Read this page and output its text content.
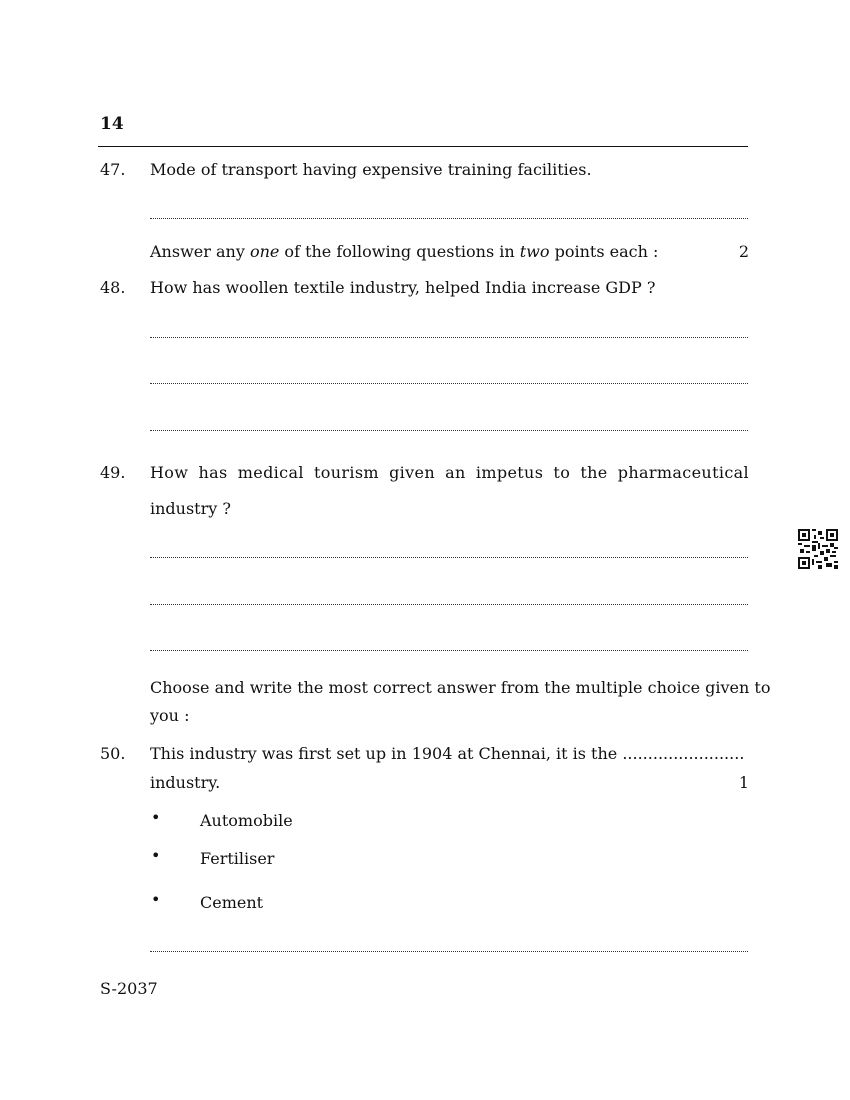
14
47. Mode of transport having expensive training facilities.
Answer any one of the following questions in two points each :	2
48. How has woollen textile industry, helped India increase GDP ?
49. How has medical tourism given an impetus to the pharmaceutical
industry ?
Choose and write the most correct answer from the multiple choice given to
you :
50. This industry was first set up in 1904 at Chennai, it is the ........................
industry.	1
• Automobile
• Fertiliser
• Cement
S-2037
